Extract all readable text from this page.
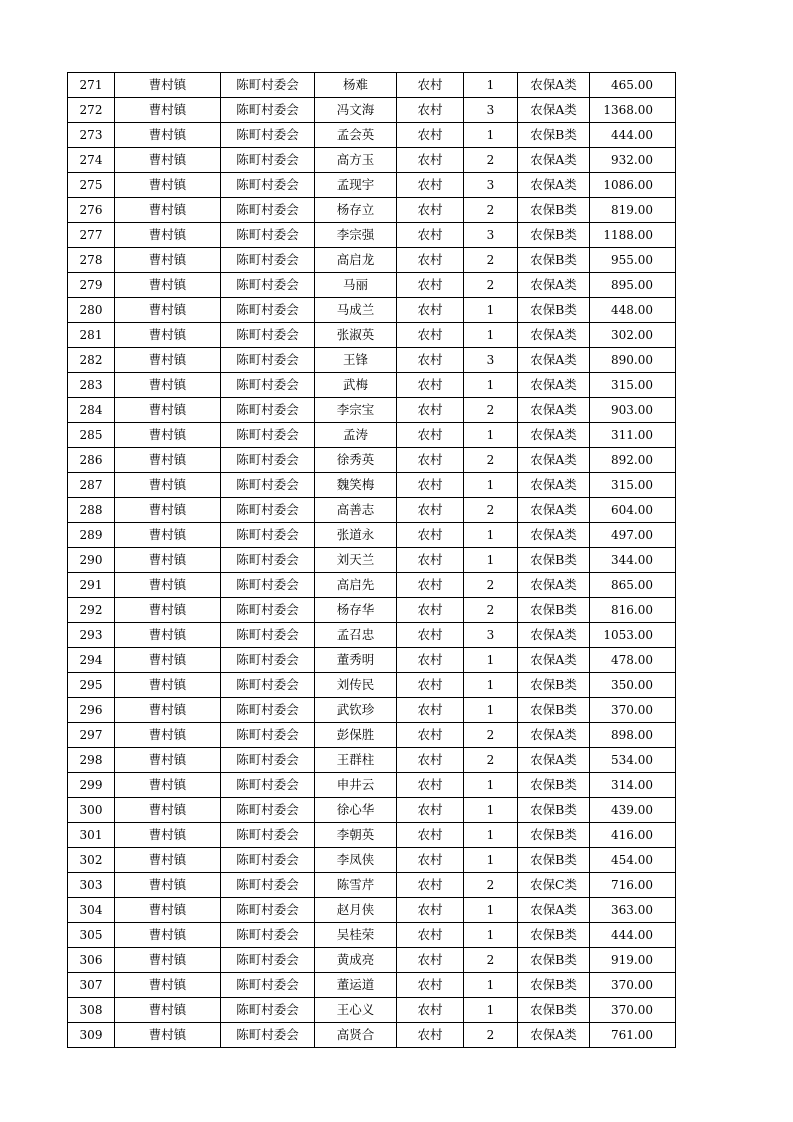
271	曹村镇	陈町村委会	杨难	农村	1	农保A类	465.00
272	曹村镇	陈町村委会	冯文海	农村	3	农保A类	1368.00
273	曹村镇	陈町村委会	孟会英	农村	1	农保B类	444.00
274	曹村镇	陈町村委会	高方玉	农村	2	农保A类	932.00
275	曹村镇	陈町村委会	孟现宇	农村	3	农保A类	1086.00
276	曹村镇	陈町村委会	杨存立	农村	2	农保B类	819.00
277	曹村镇	陈町村委会	李宗强	农村	3	农保B类	1188.00
278	曹村镇	陈町村委会	高启龙	农村	2	农保B类	955.00
279	曹村镇	陈町村委会	马丽	农村	2	农保A类	895.00
280	曹村镇	陈町村委会	马成兰	农村	1	农保B类	448.00
281	曹村镇	陈町村委会	张淑英	农村	1	农保A类	302.00
282	曹村镇	陈町村委会	王锋	农村	3	农保A类	890.00
283	曹村镇	陈町村委会	武梅	农村	1	农保A类	315.00
284	曹村镇	陈町村委会	李宗宝	农村	2	农保A类	903.00
285	曹村镇	陈町村委会	孟涛	农村	1	农保A类	311.00
286	曹村镇	陈町村委会	徐秀英	农村	2	农保A类	892.00
287	曹村镇	陈町村委会	魏笑梅	农村	1	农保A类	315.00
288	曹村镇	陈町村委会	高善志	农村	2	农保A类	604.00
289	曹村镇	陈町村委会	张道永	农村	1	农保A类	497.00
290	曹村镇	陈町村委会	刘天兰	农村	1	农保B类	344.00
291	曹村镇	陈町村委会	高启先	农村	2	农保A类	865.00
292	曹村镇	陈町村委会	杨存华	农村	2	农保B类	816.00
293	曹村镇	陈町村委会	孟召忠	农村	3	农保A类	1053.00
294	曹村镇	陈町村委会	董秀明	农村	1	农保A类	478.00
295	曹村镇	陈町村委会	刘传民	农村	1	农保B类	350.00
296	曹村镇	陈町村委会	武钦珍	农村	1	农保B类	370.00
297	曹村镇	陈町村委会	彭保胜	农村	2	农保A类	898.00
298	曹村镇	陈町村委会	王群柱	农村	2	农保A类	534.00
299	曹村镇	陈町村委会	申井云	农村	1	农保B类	314.00
300	曹村镇	陈町村委会	徐心华	农村	1	农保B类	439.00
301	曹村镇	陈町村委会	李朝英	农村	1	农保B类	416.00
302	曹村镇	陈町村委会	李凤侠	农村	1	农保B类	454.00
303	曹村镇	陈町村委会	陈雪芹	农村	2	农保C类	716.00
304	曹村镇	陈町村委会	赵月侠	农村	1	农保A类	363.00
305	曹村镇	陈町村委会	吴桂荣	农村	1	农保B类	444.00
306	曹村镇	陈町村委会	黄成亮	农村	2	农保B类	919.00
307	曹村镇	陈町村委会	董运道	农村	1	农保B类	370.00
308	曹村镇	陈町村委会	王心义	农村	1	农保B类	370.00
309	曹村镇	陈町村委会	高贤合	农村	2	农保A类	761.00
